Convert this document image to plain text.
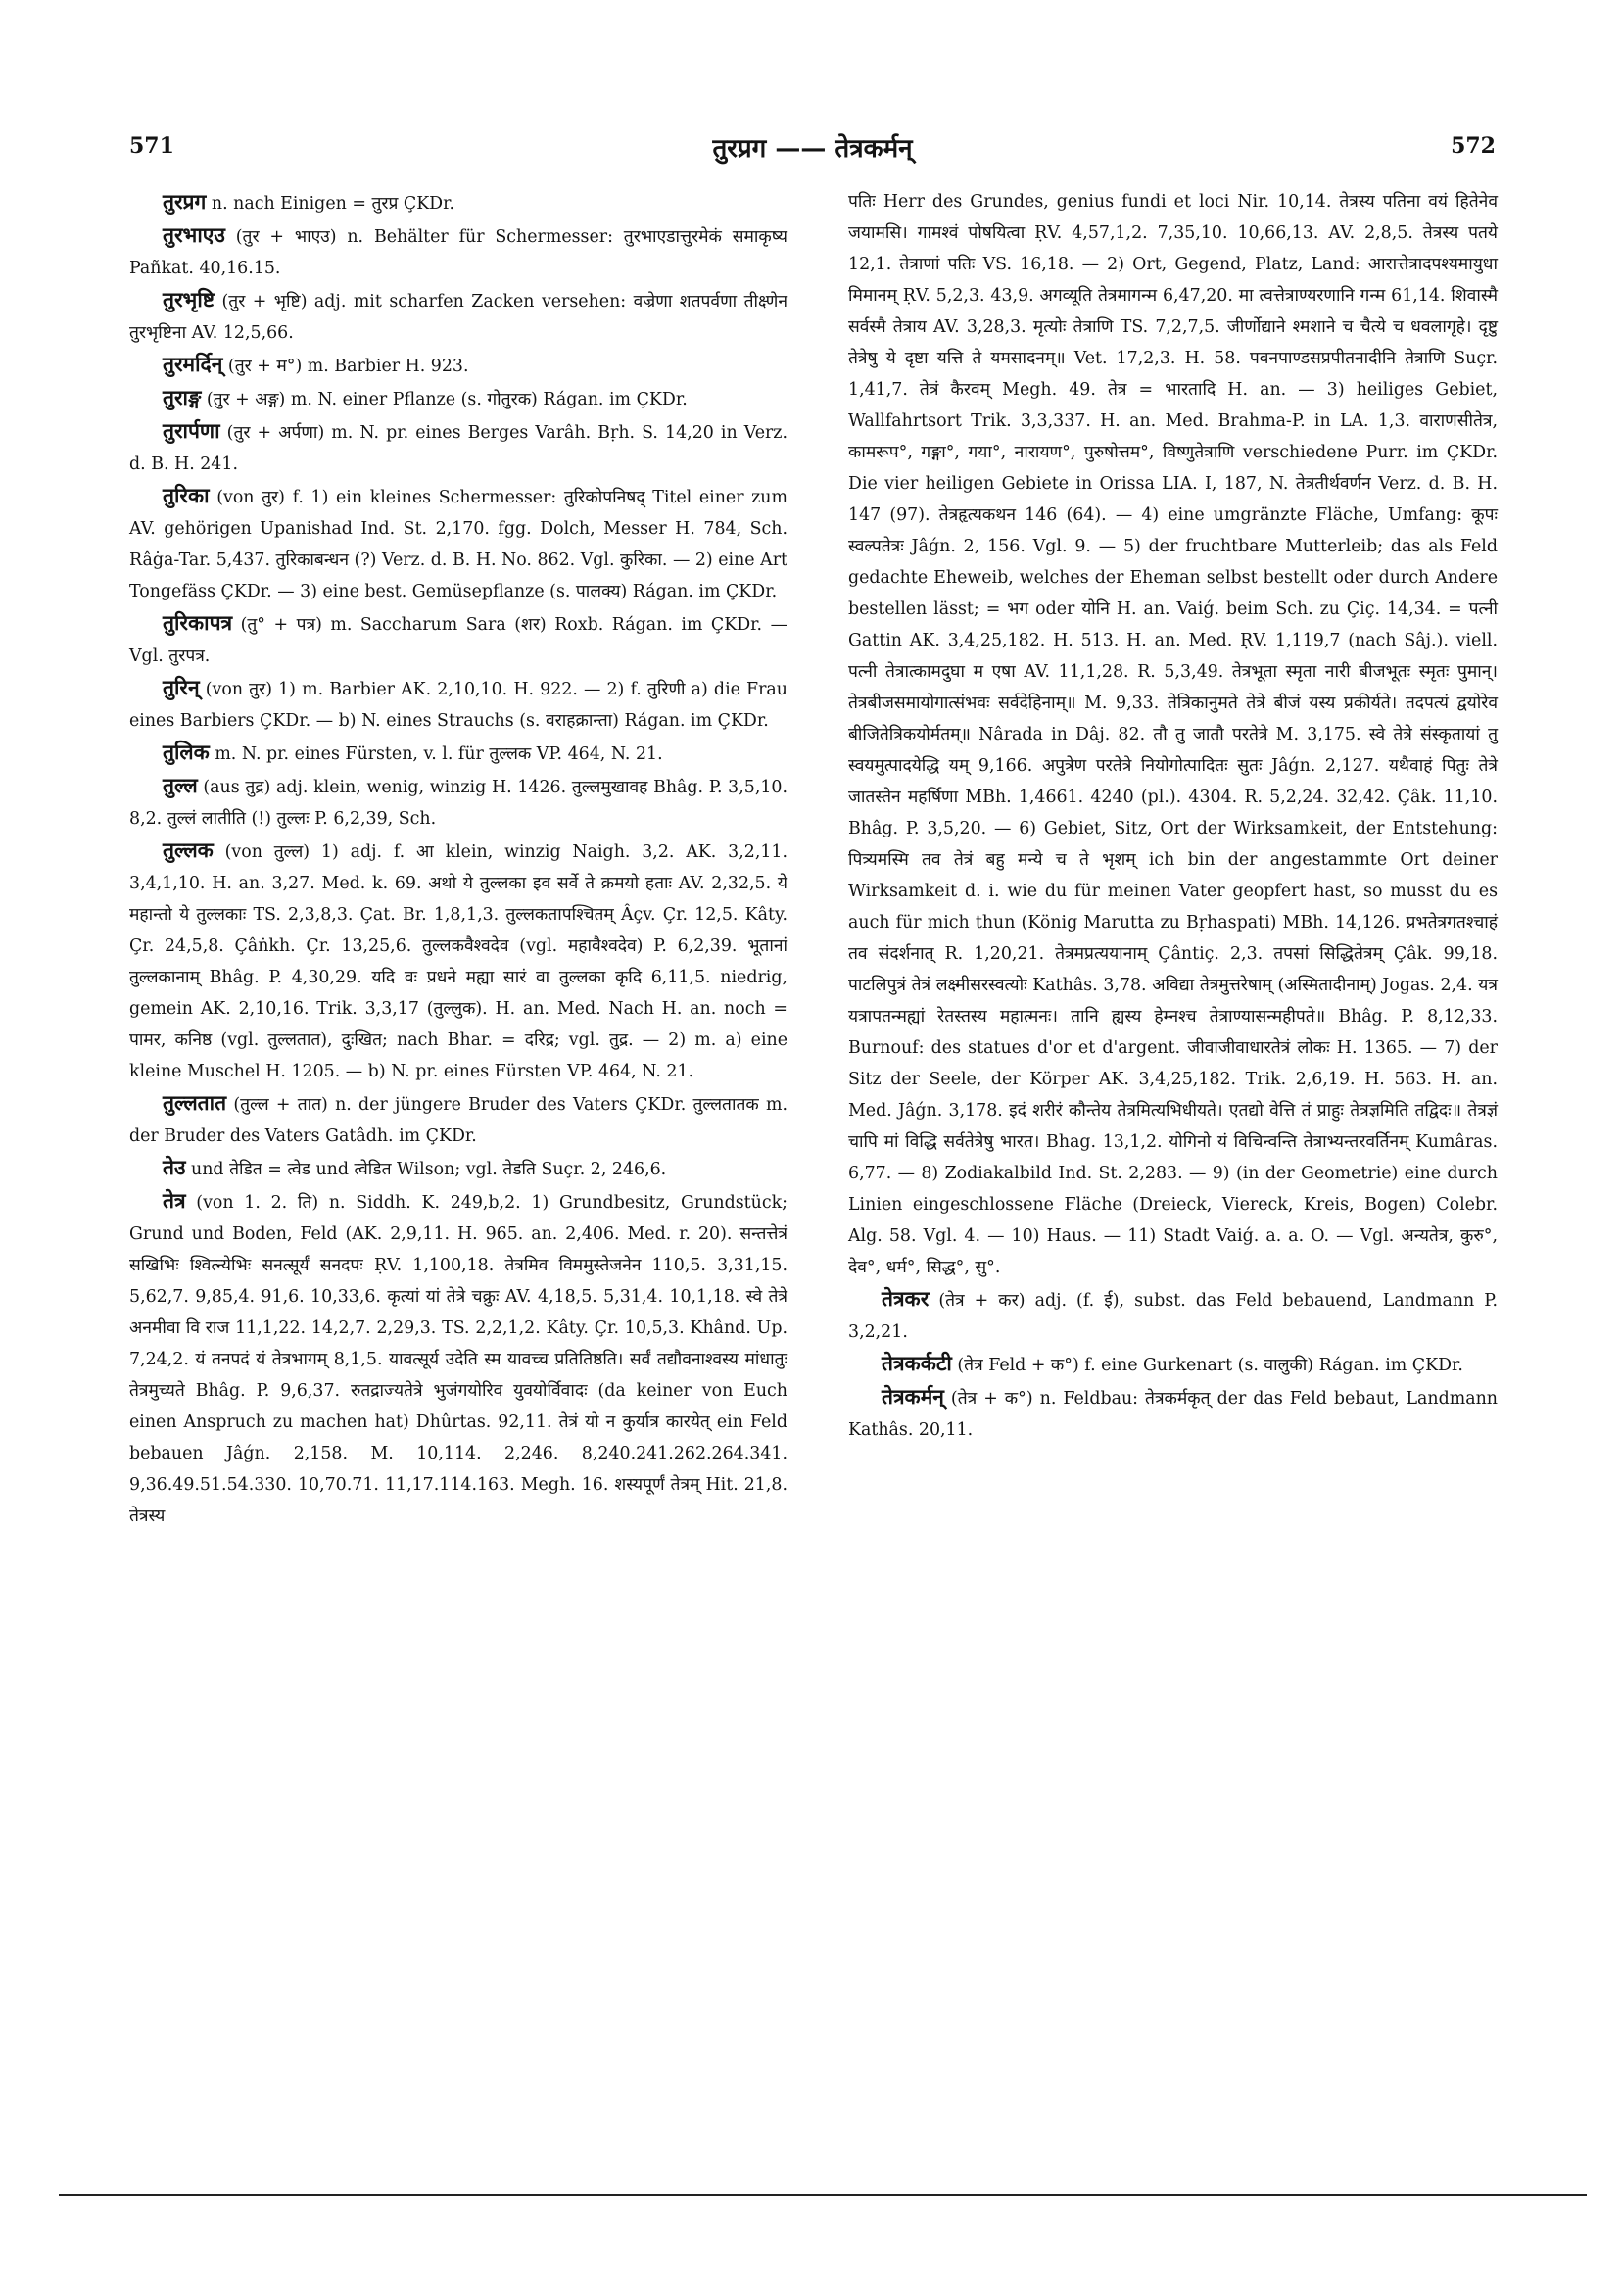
571	तुरप्रग —— तेत्रकर्मन्	572

तुरप्रग n. nach Einigen = तुरप्र ÇKDr.

तुरभाएउ (तुर + भाएउ) n. Behälter für Schermesser: तुरभाएडात्तुरमेकं समाकृष्य Pañkat. 40,16.15.

तुरभृष्टि (तुर + भृष्टि) adj. mit scharfen Zacken versehen: वज्रेणा शतपर्वणा तीक्ष्णेन तुरभृष्टिना AV. 12,5,66.

तुरमर्दिन् (तुर + म°) m. Barbier H. 923.

तुराङ्ग (तुर + अङ्ग) m. N. einer Pflanze (s. गोतुरक) Rágan. im ÇKDr.

तुरार्पणा (तुर + अर्पणा) m. N. pr. eines Berges Varâh. Bṛh. S. 14,20 in Verz. d. B. H. 241.

तुरिका (von तुर) f. 1) ein kleines Schermesser: तुरिकोपनिषद् Titel einer zum AV. gehörigen Upanishad Ind. St. 2,170. fgg. Dolch, Messer H. 784, Sch. Râġa-Tar. 5,437. तुरिकाबन्धन (?) Verz. d. B. H. No. 862. Vgl. कुरिका. — 2) eine Art Tongefäss ÇKDr. — 3) eine best. Gemüsepflanze (s. पालक्य) Rágan. im ÇKDr.

तुरिकापत्र (तु° + पत्र) m. Saccharum Sara (शर) Roxb. Rágan. im ÇKDr. — Vgl. तुरपत्र.

तुरिन् (von तुर) 1) m. Barbier AK. 2,10,10. H. 922. — 2) f. तुरिणी a) die Frau eines Barbiers ÇKDr. — b) N. eines Strauchs (s. वराहक्रान्ता) Rágan. im ÇKDr.

तुलिक m. N. pr. eines Fürsten, v. l. für तुल्लक VP. 464, N. 21.

तुल्ल (aus तुद्र) adj. klein, wenig, winzig H. 1426. तुल्लमुखावह Bhâg. P. 3,5,10. 8,2. तुल्लं लातीति (!) तुल्लः P. 6,2,39, Sch.

तुल्लक (von तुल्ल) 1) adj. f. आ klein, winzig Naigh. 3,2. AK. 3,2,11. 3,4,1,10. H. an. 3,27. Med. k. 69. अथो ये तुल्लका इव सर्वे ते क्रमयो हताः AV. 2,32,5. ये महान्तो ये तुल्लकाः TS. 2,3,8,3. Çat. Br. 1,8,1,3. तुल्लकतापश्चितम् Âçv. Çr. 12,5. Kâty. Çr. 24,5,8. Çâṅkh. Çr. 13,25,6. तुल्लकवैश्वदेव (vgl. महावैश्वदेव) P. 6,2,39. भूतानां तुल्लकानाम् Bhâg. P. 4,30,29. यदि वः प्रधने मह्या सारं वा तुल्लका कृदि 6,11,5. niedrig, gemein AK. 2,10,16. Trik. 3,3,17 (तुल्लुक). H. an. Med. Nach H. an. noch = पामर, कनिष्ठ (vgl. तुल्लतात), दुःखित; nach Bhar. = दरिद्र; vgl. तुद्र. — 2) m. a) eine kleine Muschel H. 1205. — b) N. pr. eines Fürsten VP. 464, N. 21.

तुल्लतात (तुल्ल + तात) n. der jüngere Bruder des Vaters ÇKDr. तुल्लतातक m. der Bruder des Vaters Gatâdh. im ÇKDr.

तेउ und तेडित = त्वेड und त्वेडित Wilson; vgl. तेडति Suçr. 2, 246,6.

तेत्र (von 1. 2. ति) n. Siddh. K. 249,b,2. 1) Grundbesitz, Grundstück; Grund und Boden, Feld (AK. 2,9,11. H. 965. an. 2,406. Med. r. 20). सन्तत्तेत्रं सखिभिः श्वित्न्येभिः सनत्सूर्यं सनदपः ṚV. 1,100,18. तेत्रमिव विममुस्तेजनेन 110,5. 3,31,15. 5,62,7. 9,85,4. 91,6. 10,33,6. कृत्यां यां तेत्रे चक्रुः AV. 4,18,5. 5,31,4. 10,1,18. स्वे तेत्रे अनमीवा वि राज 11,1,22. 14,2,7. 2,29,3. TS. 2,2,1,2. Kâty. Çr. 10,5,3. Khând. Up. 7,24,2. यं तनपदं यं तेत्रभागम् 8,1,5. यावत्सूर्य उदेति स्म यावच्च प्रतितिष्ठति। सर्वं तद्यौवनाश्वस्य मांधातुः तेत्रमुच्यते Bhâg. P. 9,6,37. रुतद्राज्यतेत्रे भुजंगयोरिव युवयोर्विवादः (da keiner von Euch einen Anspruch zu machen hat) Dhûrtas. 92,11. तेत्रं यो न कुर्यात्र कारयेत् ein Feld bebauen Jâǵn. 2,158. M. 10,114. 2,246. 8,240.241.262.264.341. 9,36.49.51.54.330. 10,70.71. 11,17.114.163. Megh. 16. शस्यपूर्णं तेत्रम् Hit. 21,8. तेत्रस्य

पतिः Herr des Grundes, genius fundi et loci Nir. 10,14. तेत्रस्य पतिना वयं हितेनेव जयामसि। गामश्वं पोषयित्वा ṚV. 4,57,1,2. 7,35,10. 10,66,13. AV. 2,8,5. तेत्रस्य पतये 12,1. तेत्राणां पतिः VS. 16,18. — 2) Ort, Gegend, Platz, Land: आरात्तेत्रादपश्यमायुधा मिमानम् ṚV. 5,2,3. 43,9. अगव्यूति तेत्रमागन्म 6,47,20. मा त्वत्तेत्राण्यरणानि गन्म 61,14. शिवास्मै सर्वस्मै तेत्राय AV. 3,28,3. मृत्योः तेत्राणि TS. 7,2,7,5. जीर्णोद्याने श्मशाने च चैत्ये च धवलागृहे। दृष्टु तेत्रेषु ये दृष्टा यत्ति ते यमसादनम्॥ Vet. 17,2,3. H. 58. पवनपाण्डसप्रपीतनादीनि तेत्राणि Suçr. 1,41,7. तेत्रं कैरवम् Megh. 49. तेत्र = भारतादि H. an. — 3) heiliges Gebiet, Wallfahrtsort Trik. 3,3,337. H. an. Med. Brahma-P. in LA. 1,3. वाराणसीतेत्र, कामरूप°, गङ्गा°, गया°, नारायण°, पुरुषोत्तम°, विष्णुतेत्राणि verschiedene Purr. im ÇKDr. Die vier heiligen Gebiete in Orissa LIA. I, 187, N. तेत्रतीर्थवर्णन Verz. d. B. H. 147 (97). तेत्रहृत्यकथन 146 (64). — 4) eine umgränzte Fläche, Umfang: कूपः स्वल्पतेत्रः Jâǵn. 2, 156. Vgl. 9. — 5) der fruchtbare Mutterleib; das als Feld gedachte Eheweib, welches der Eheman selbst bestellt oder durch Andere bestellen lässt; = भग oder योनि H. an. Vaiǵ. beim Sch. zu Çiç. 14,34. = पत्नी Gattin AK. 3,4,25,182. H. 513. H. an. Med. ṚV. 1,119,7 (nach Sâj.). viell. पत्नी तेत्रात्कामदुघा म एषा AV. 11,1,28. R. 5,3,49. तेत्रभूता स्मृता नारी बीजभूतः स्मृतः पुमान्। तेत्रबीजसमायोगात्संभवः सर्वदेहिनाम्॥ M. 9,33. तेत्रिकानुमते तेत्रे बीजं यस्य प्रकीर्यते। तदपत्यं द्वयोरेव बीजितेत्रिकयोर्मतम्॥ Nârada in Dâj. 82. तौ तु जातौ परतेत्रे M. 3,175. स्वे तेत्रे संस्कृतायां तु स्वयमुत्पादयेद्धि यम् 9,166. अपुत्रेण परतेत्रे नियोगोत्पादितः सुतः Jâǵn. 2,127. यथैवाहं पितुः तेत्रे जातस्तेन महर्षिणा MBh. 1,4661. 4240 (pl.). 4304. R. 5,2,24. 32,42. Çâk. 11,10. Bhâg. P. 3,5,20. — 6) Gebiet, Sitz, Ort der Wirksamkeit, der Entstehung: पित्र्यमस्मि तव तेत्रं बहु मन्ये च ते भृशम् ich bin der angestammte Ort deiner Wirksamkeit d. i. wie du für meinen Vater geopfert hast, so musst du es auch für mich thun (König Marutta zu Bṛhaspati) MBh. 14,126. प्रभतेत्रगतश्चाहं तव संदर्शनात् R. 1,20,21. तेत्रमप्रत्ययानाम् Çântiç. 2,3. तपसां सिद्धितेत्रम् Çâk. 99,18. पाटलिपुत्रं तेत्रं लक्ष्मीसरस्वत्योः Kathâs. 3,78. अविद्या तेत्रमुत्तरेषाम् (अस्मितादीनाम्) Jogas. 2,4. यत्र यत्रापतन्मह्यां रेतस्तस्य महात्मनः। तानि ह्यस्य हेम्नश्च तेत्राण्यासन्महीपते॥ Bhâg. P. 8,12,33. Burnouf: des statues d'or et d'argent. जीवाजीवाधारतेत्रं लोकः H. 1365. — 7) der Sitz der Seele, der Körper AK. 3,4,25,182. Trik. 2,6,19. H. 563. H. an. Med. Jâǵn. 3,178. इदं शरीरं कौन्तेय तेत्रमित्यभिधीयते। एतद्यो वेत्ति तं प्राहुः तेत्रज्ञमिति तद्विदः॥ तेत्रज्ञं चापि मां विद्धि सर्वतेत्रेषु भारत। Bhag. 13,1,2. योगिनो यं विचिन्वन्ति तेत्राभ्यन्तरवर्तिनम् Kumâras. 6,77. — 8) Zodiakalbild Ind. St. 2,283. — 9) (in der Geometrie) eine durch Linien eingeschlossene Fläche (Dreieck, Viereck, Kreis, Bogen) Colebr. Alg. 58. Vgl. 4. — 10) Haus. — 11) Stadt Vaiǵ. a. a. O. — Vgl. अन्यतेत्र, कुरु°, देव°, धर्म°, सिद्ध°, सु°.

तेत्रकर (तेत्र + कर) adj. (f. ई), subst. das Feld bebauend, Landmann P. 3,2,21.

तेत्रकर्कटी (तेत्र Feld + क°) f. eine Gurkenart (s. वालुकी) Rágan. im ÇKDr.

तेत्रकर्मन् (तेत्र + क°) n. Feldbau: तेत्रकर्मकृत् der das Feld bebaut, Landmann Kathâs. 20,11.
